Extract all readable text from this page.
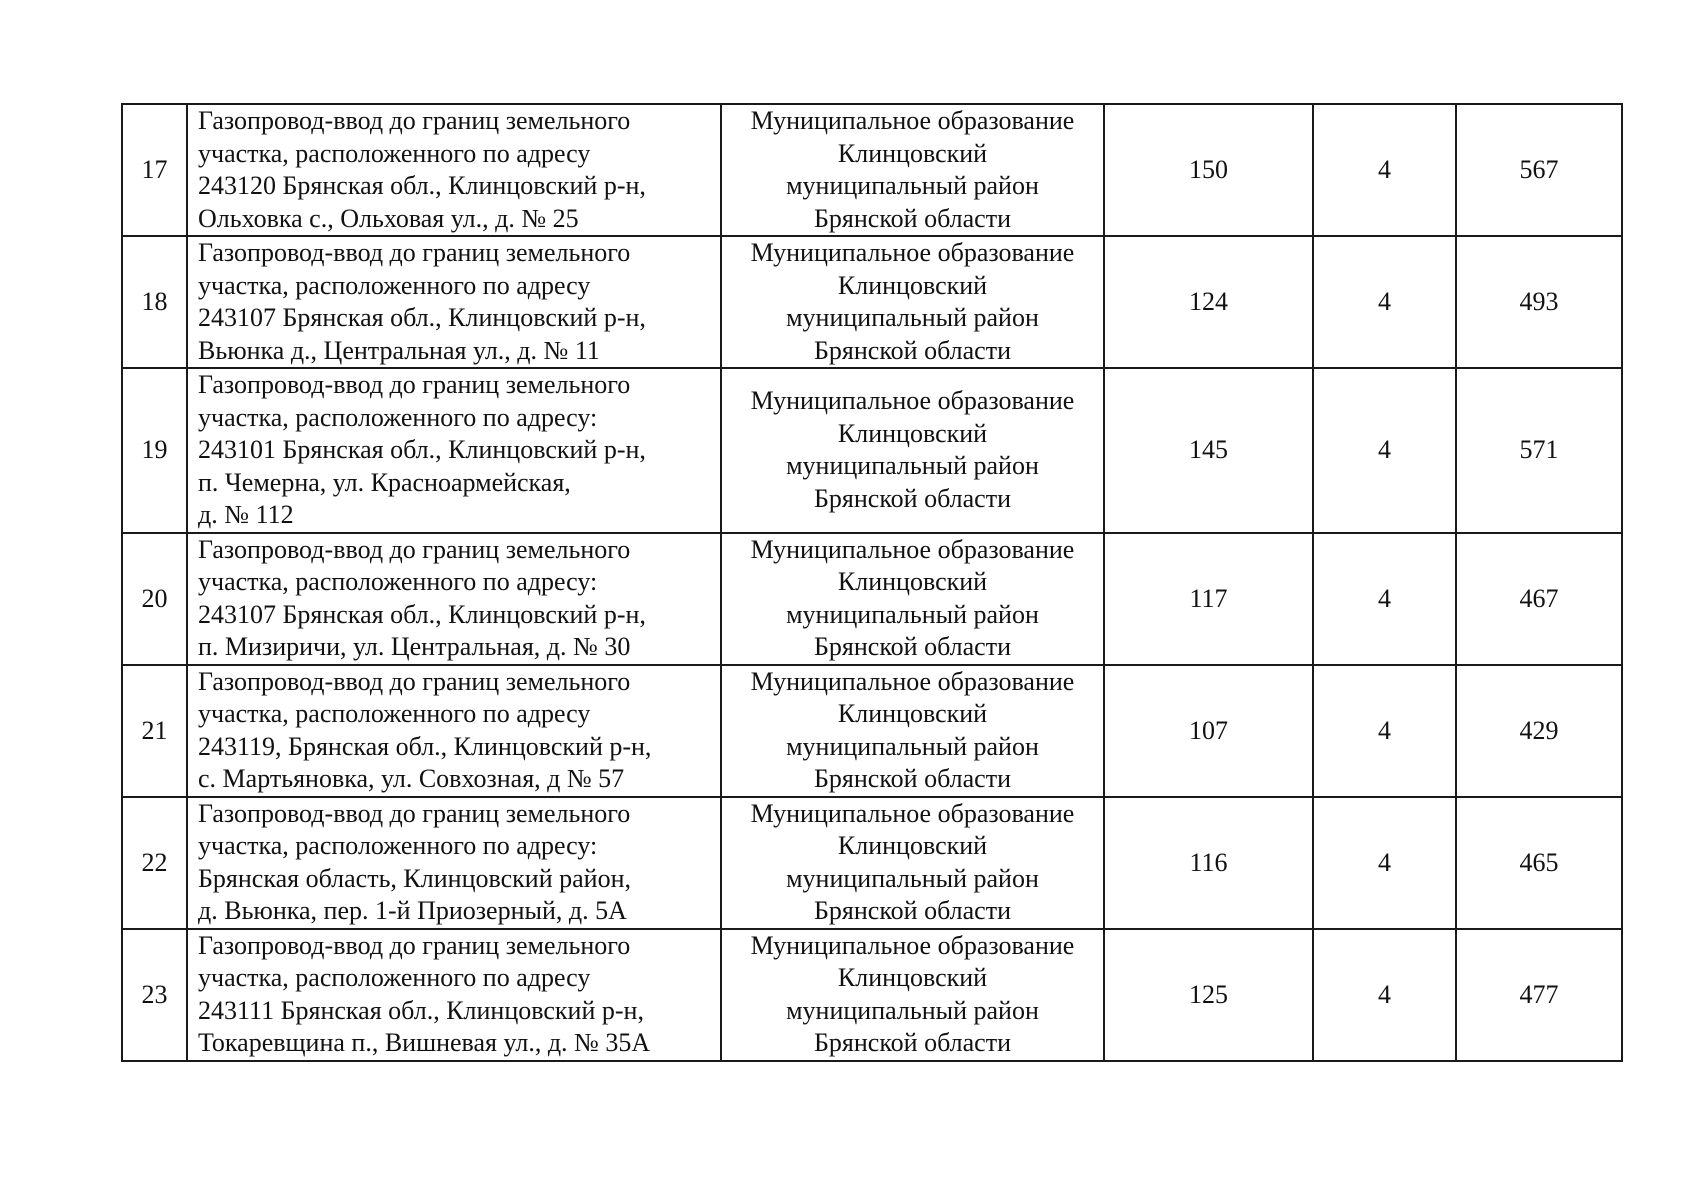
17	Газопровод-ввод до границ земельного
участка, расположенного по адресу
243120 Брянская обл., Клинцовский р-н,
Ольховка с., Ольховая ул., д. № 25	Муниципальное образование
Клинцовский
муниципальный район
Брянской области	150	4	567
18	Газопровод-ввод до границ земельного
участка, расположенного по адресу
243107 Брянская обл., Клинцовский р-н,
Вьюнка д., Центральная ул., д. № 11	Муниципальное образование
Клинцовский
муниципальный район
Брянской области	124	4	493
19	Газопровод-ввод до границ земельного
участка, расположенного по адресу:
243101 Брянская обл., Клинцовский р-н,
п. Чемерна, ул. Красноармейская,
д. № 112	Муниципальное образование
Клинцовский
муниципальный район
Брянской области	145	4	571
20	Газопровод-ввод до границ земельного
участка, расположенного по адресу:
243107 Брянская обл., Клинцовский р-н,
п. Мизиричи, ул. Центральная, д. № 30	Муниципальное образование
Клинцовский
муниципальный район
Брянской области	117	4	467
21	Газопровод-ввод до границ земельного
участка, расположенного по адресу
243119, Брянская обл., Клинцовский р-н,
с. Мартьяновка, ул. Совхозная, д № 57	Муниципальное образование
Клинцовский
муниципальный район
Брянской области	107	4	429
22	Газопровод-ввод до границ земельного
участка, расположенного по адресу:
Брянская область, Клинцовский район,
д. Вьюнка, пер. 1-й Приозерный, д. 5А	Муниципальное образование
Клинцовский
муниципальный район
Брянской области	116	4	465
23	Газопровод-ввод до границ земельного
участка, расположенного по адресу
243111 Брянская обл., Клинцовский р-н,
Токаревщина п., Вишневая ул., д. № 35А	Муниципальное образование
Клинцовский
муниципальный район
Брянской области	125	4	477
